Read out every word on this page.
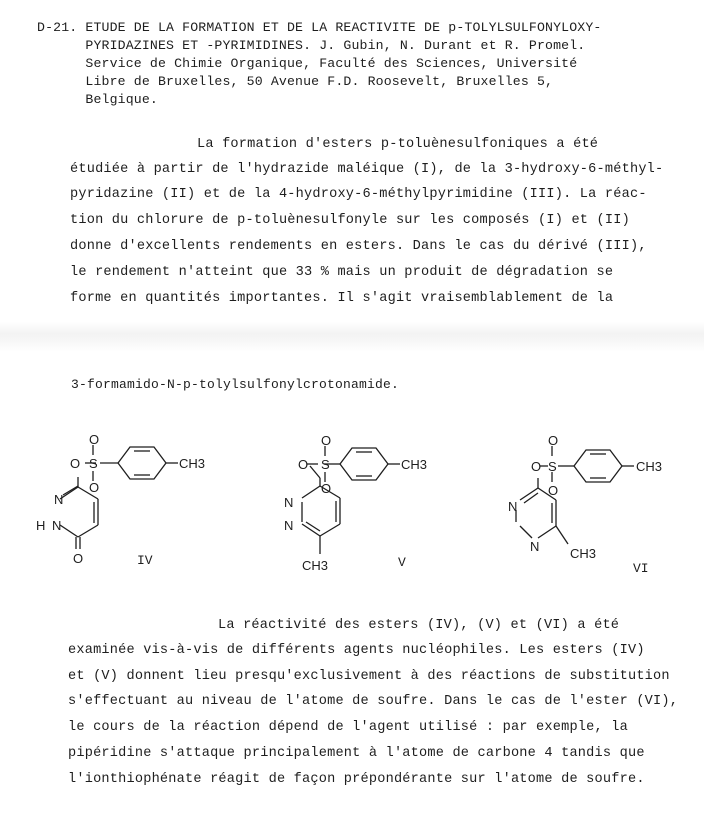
D-21. ETUDE DE LA FORMATION ET DE LA REACTIVITE DE p-TOLYLSULFONYLOXY-
PYRIDAZINES ET -PYRIMIDINES. J. Gubin, N. Durant et R. Promel.
Service de Chimie Organique, Faculté des Sciences, Université
Libre de Bruxelles, 50 Avenue F.D. Roosevelt, Bruxelles 5,
Belgique.
La formation d'esters p-toluènesulfoniques a été
étudiée à partir de l'hydrazide maléique (I), de la 3-hydroxy-6-méthyl-
pyridazine (II) et de la 4-hydroxy-6-méthylpyrimidine (III). La réac-
tion du chlorure de p-toluènesulfonyle sur les composés (I) et (II)
donne d'excellents rendements en esters. Dans le cas du dérivé (III),
le rendement n'atteint que 33 % mais un produit de dégradation se
forme en quantités importantes. Il s'agit vraisemblablement de la
3-formamido-N-p-tolylsulfonylcrotonamide.
O
O
S
O
N
N
H
O
CH3
IV
O
O
S
O
N
N
CH3
CH3
V
O
O
S
O
N
N CH3
CH3
VI
La réactivité des esters (IV), (V) et (VI) a été
examinée vis-à-vis de différents agents nucléophiles. Les esters (IV)
et (V) donnent lieu presqu'exclusivement à des réactions de substitution
s'effectuant au niveau de l'atome de soufre. Dans le cas de l'ester (VI),
le cours de la réaction dépend de l'agent utilisé : par exemple, la
pipéridine s'attaque principalement à l'atome de carbone 4 tandis que
l'ionthiophénate réagit de façon prépondérante sur l'atome de soufre.
